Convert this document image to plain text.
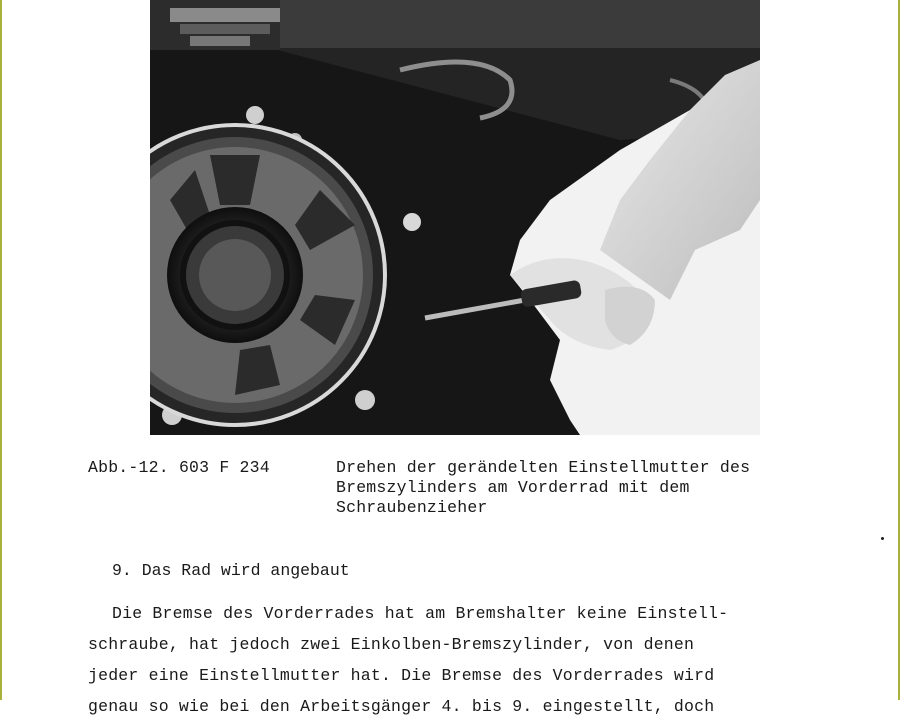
Abb.-12. 603 F 234	Drehen der gerändelten Einstellmutter des
Bremszylinders am Vorderrad mit dem
Schraubenzieher
9. Das Rad wird angebaut
Die Bremse des Vorderrades hat am Bremshalter keine Einstell-
schraube, hat jedoch zwei Einkolben-Bremszylinder, von denen
jeder eine Einstellmutter hat. Die Bremse des Vorderrades wird
genau so wie bei den Arbeitsgänger 4. bis 9. eingestellt, doch
